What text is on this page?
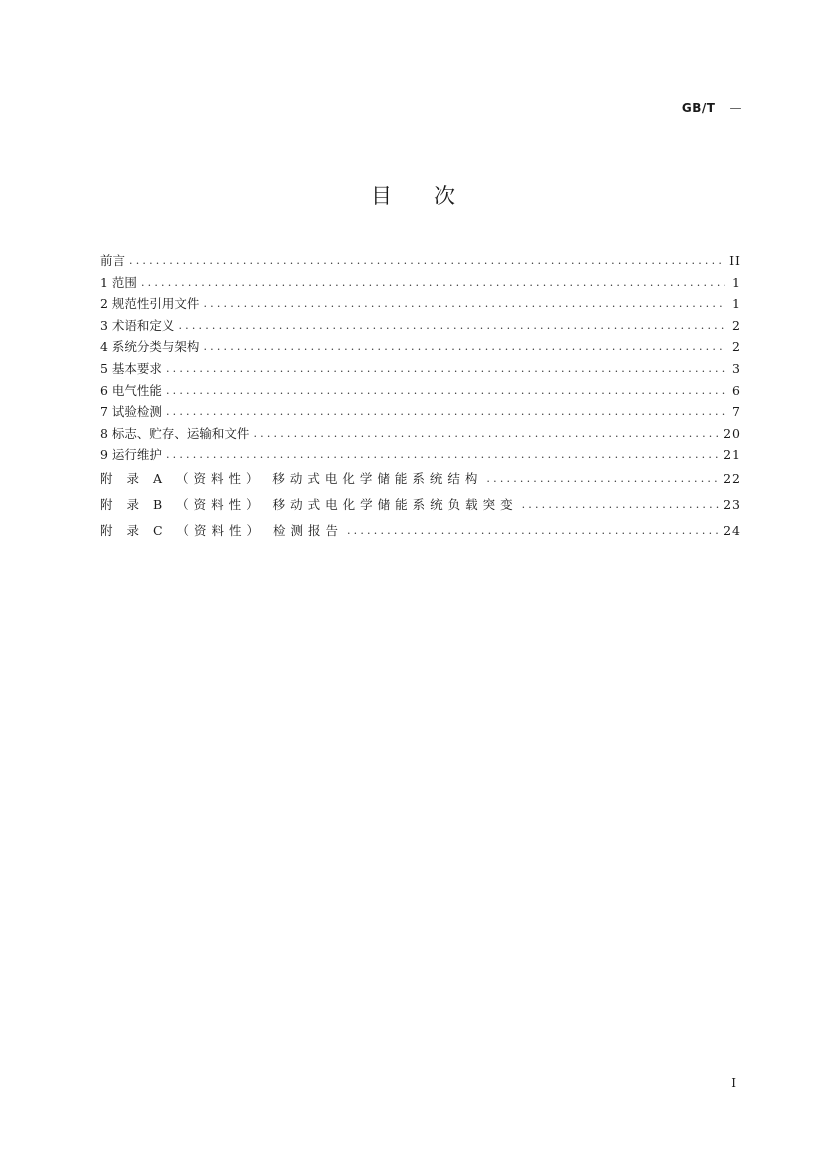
GB/T —
目 次
前言 .....	II
1 范围 .....	1
2 规范性引用文件 .....	1
3 术语和定义 .....	2
4 系统分类与架构 .....	2
5 基本要求 .....	3
6 电气性能 .....	6
7 试验检测 .....	7
8 标志、贮存、运输和文件 .....	20
9 运行维护 .....	21
附 录 A （资料性） 移动式电化学储能系统结构 .....	22
附 录 B （资料性） 移动式电化学储能系统负载突变 .....	23
附 录 C （资料性） 检测报告 .....	24
I
